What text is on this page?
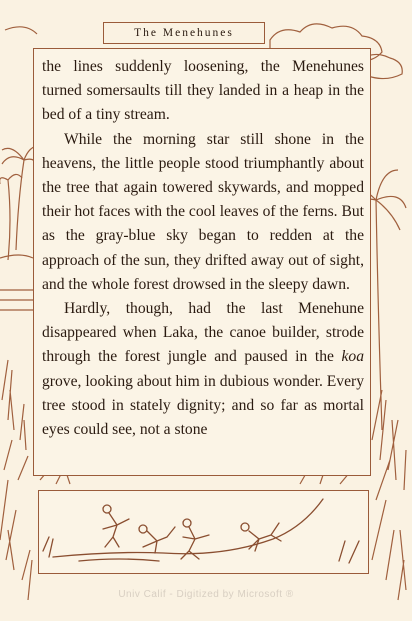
The Menehunes

the lines suddenly loosening, the Menehunes turned somersaults till they landed in a heap in the bed of a tiny stream.

While the morning star still shone in the heavens, the little people stood triumphantly about the tree that again towered skywards, and mopped their hot faces with the cool leaves of the ferns. But as the gray-blue sky began to redden at the approach of the sun, they drifted away out of sight, and the whole forest drowsed in the sleepy dawn.

Hardly, though, had the last Menehune disappeared when Laka, the canoe builder, strode through the forest jungle and paused in the koa grove, looking about him in dubious wonder. Every tree stood in stately dignity; and so far as mortal eyes could see, not a stone

Univ Calif - Digitized by Microsoft ®
